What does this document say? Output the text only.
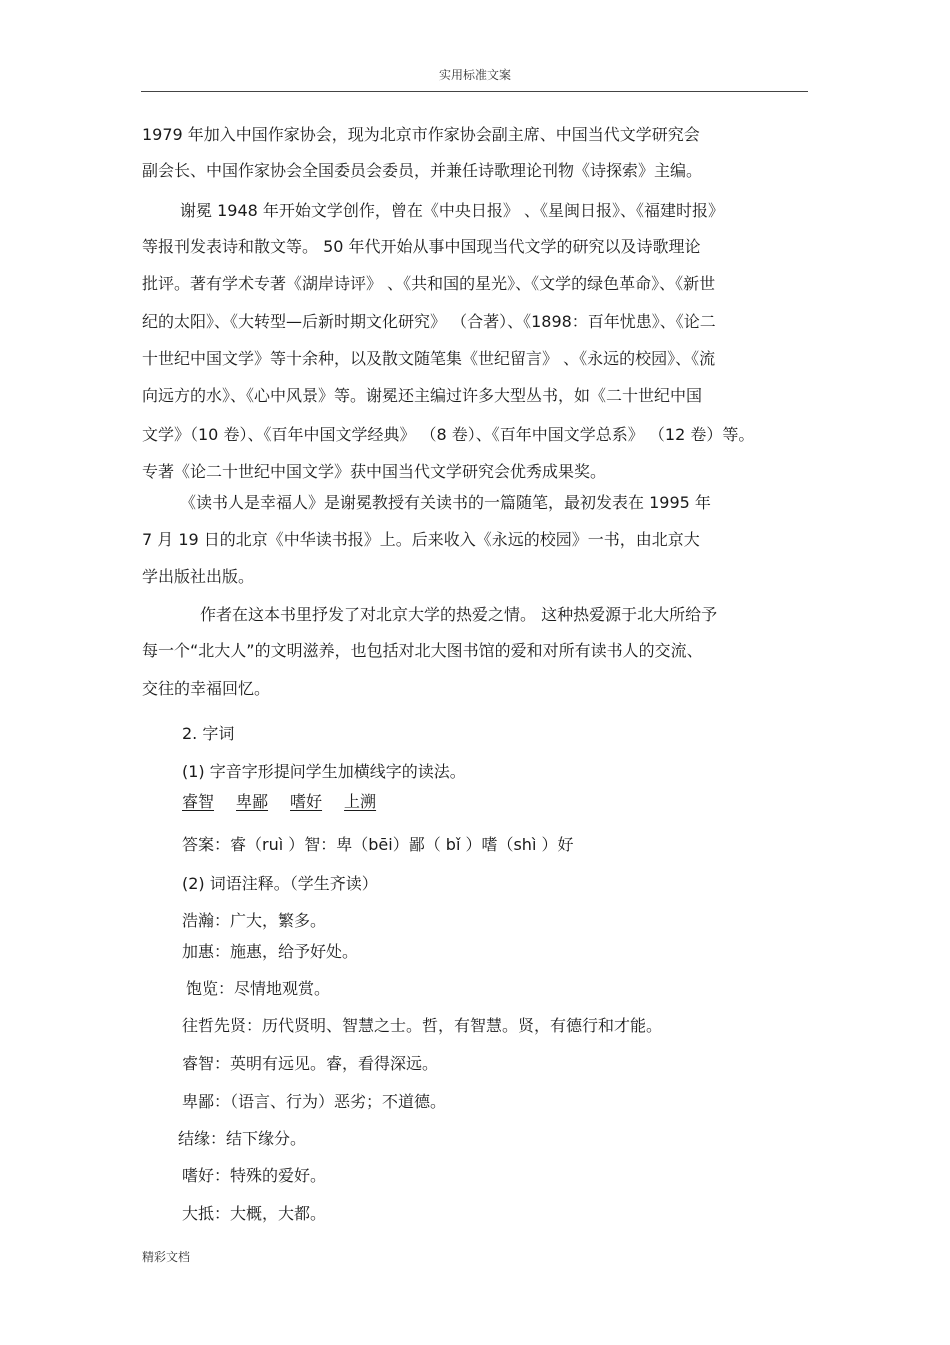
实用标准文案
1979 年加入中国作家协会，现为北京市作家协会副主席、中国当代文学研究会
副会长、中国作家协会全国委员会委员，并兼任诗歌理论刊物《诗探索》主编。
谢冕 1948 年开始文学创作，曾在《中央日报》 、《星闽日报》、《福建时报》
等报刊发表诗和散文等。 50 年代开始从事中国现当代文学的研究以及诗歌理论
批评。著有学术专著《湖岸诗评》 、《共和国的星光》、《文学的绿色革命》、《新世
纪的太阳》、《大转型—后新时期文化研究》 （合著）、《1898：百年忧患》、《论二
十世纪中国文学》等十余种，以及散文随笔集《世纪留言》 、《永远的校园》、《流
向远方的水》、《心中风景》等。谢冕还主编过许多大型丛书，如《二十世纪中国
文学》（10 卷）、《百年中国文学经典》 （8 卷）、《百年中国文学总系》 （12 卷）等。
专著《论二十世纪中国文学》获中国当代文学研究会优秀成果奖。
《读书人是幸福人》是谢冕教授有关读书的一篇随笔，最初发表在 1995 年
7 月 19 日的北京《中华读书报》上。后来收入《永远的校园》一书，由北京大
学出版社出版。
作者在这本书里抒发了对北京大学的热爱之情。 这种热爱源于北大所给予
每一个“北大人”的文明滋养，也包括对北大图书馆的爱和对所有读书人的交流、
交往的幸福回忆。
2. 字词
(1) 字音字形提问学生加横线字的读法。
睿智 卑鄙 嗜好 上溯
答案：睿（ruì ）智：卑（bēi）鄙（ bǐ ）嗜（shì ）好
(2) 词语注释。（学生齐读）
浩瀚：广大，繁多。
加惠：施惠，给予好处。
饱览：尽情地观赏。
往哲先贤：历代贤明、智慧之士。哲，有智慧。贤，有德行和才能。
睿智：英明有远见。睿，看得深远。
卑鄙：（语言、行为）恶劣；不道德。
结缘：结下缘分。
嗜好：特殊的爱好。
大抵：大概，大都。
精彩文档
